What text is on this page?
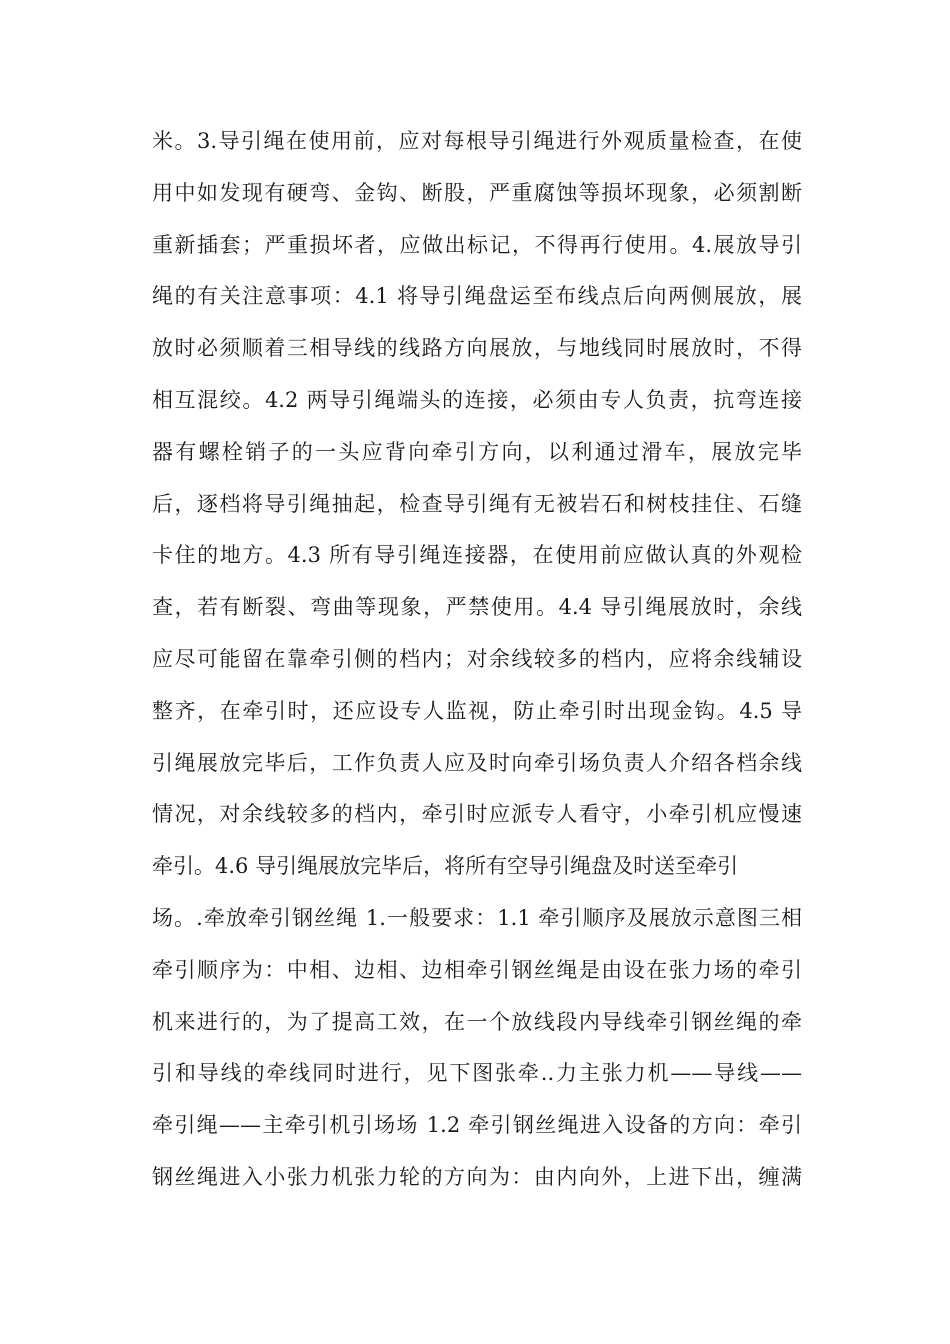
米。3.导引绳在使用前，应对每根导引绳进行外观质量检查，在使
用中如发现有硬弯、金钩、断股，严重腐蚀等损坏现象，必须割断
重新插套；严重损坏者，应做出标记，不得再行使用。4.展放导引
绳的有关注意事项：4.1 将导引绳盘运至布线点后向两侧展放，展
放时必须顺着三相导线的线路方向展放，与地线同时展放时，不得
相互混绞。4.2 两导引绳端头的连接，必须由专人负责，抗弯连接
器有螺栓销子的一头应背向牵引方向，以利通过滑车，展放完毕
后，逐档将导引绳抽起，检查导引绳有无被岩石和树枝挂住、石缝
卡住的地方。4.3 所有导引绳连接器，在使用前应做认真的外观检
查，若有断裂、弯曲等现象，严禁使用。4.4 导引绳展放时，余线
应尽可能留在靠牵引侧的档内；对余线较多的档内，应将余线辅设
整齐，在牵引时，还应设专人监视，防止牵引时出现金钩。4.5 导
引绳展放完毕后，工作负责人应及时向牵引场负责人介绍各档余线
情况，对余线较多的档内，牵引时应派专人看守，小牵引机应慢速
牵引。4.6 导引绳展放完毕后，将所有空导引绳盘及时送至牵引
场。.牵放牵引钢丝绳 1.一般要求：1.1 牵引顺序及展放示意图三相
牵引顺序为：中相、边相、边相牵引钢丝绳是由设在张力场的牵引
机来进行的，为了提高工效，在一个放线段内导线牵引钢丝绳的牵
引和导线的牵线同时进行，见下图张牵..力主张力机——导线——
牵引绳——主牵引机引场场 1.2 牵引钢丝绳进入设备的方向：牵引
钢丝绳进入小张力机张力轮的方向为：由内向外，上进下出，缠满
